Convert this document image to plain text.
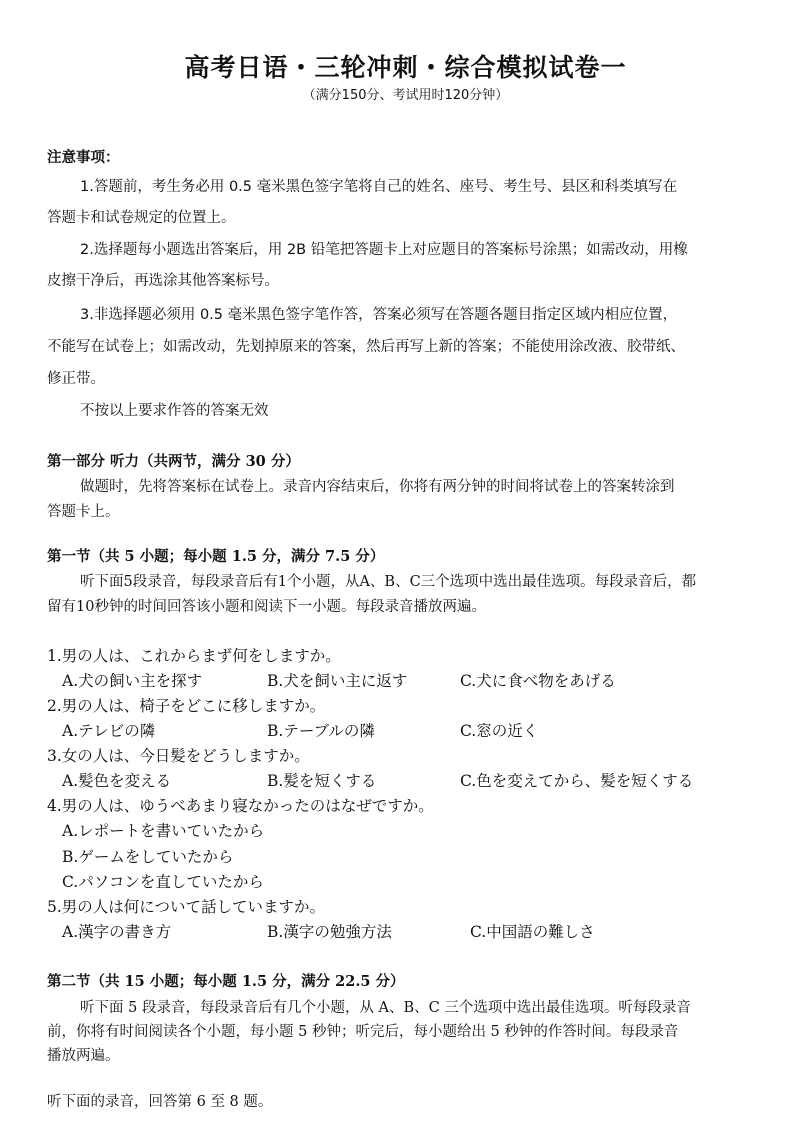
高考日语・三轮冲刺・综合模拟试卷一
（满分150分、考试用时120分钟）
注意事项：
1.答题前，考生务必用 0.5 毫米黑色签字笔将自己的姓名、座号、考生号、县区和科类填写在
答题卡和试卷规定的位置上。
2.选择题每小题选出答案后，用 2B 铅笔把答题卡上对应题目的答案标号涂黑；如需改动，用橡
皮擦干净后，再选涂其他答案标号。
3.非选择题必须用 0.5 毫米黑色签字笔作答，答案必须写在答题各题目指定区域内相应位置，
不能写在试卷上；如需改动，先划掉原来的答案，然后再写上新的答案；不能使用涂改液、胶带纸、
修正带。
不按以上要求作答的答案无效
第一部分 听力（共两节，满分 30 分）
做题时，先将答案标在试卷上。录音内容结束后，你将有两分钟的时间将试卷上的答案转涂到
答题卡上。
第一节（共 5 小题；每小题 1.5 分，满分 7.5 分）
听下面5段录音，每段录音后有1个小题，从A、B、C三个选项中选出最佳选项。每段录音后，都
留有10秒钟的时间回答该小题和阅读下一小题。每段录音播放两遍。
1.男の人は、これからまず何をしますか。
A.犬の飼い主を探す	B.犬を飼い主に返す	C.犬に食べ物をあげる
2.男の人は、椅子をどこに移しますか。
A.テレビの隣	B.テーブルの隣	C.窓の近く
3.女の人は、今日髪をどうしますか。
A.髪色を変える	B.髪を短くする	C.色を変えてから、髪を短くする
4.男の人は、ゆうべあまり寝なかったのはなぜですか。
A.レポートを書いていたから
B.ゲームをしていたから
C.パソコンを直していたから
5.男の人は何について話していますか。
A.漢字の書き方	B.漢字の勉強方法	C.中国語の難しさ
第二节（共 15 小题；每小题 1.5 分，满分 22.5 分）
听下面 5 段录音，每段录音后有几个小题，从 A、B、C 三个选项中选出最佳选项。听每段录音
前，你将有时间阅读各个小题，每小题 5 秒钟；听完后，每小题给出 5 秒钟的作答时间。每段录音
播放两遍。
听下面的录音，回答第 6 至 8 题。
